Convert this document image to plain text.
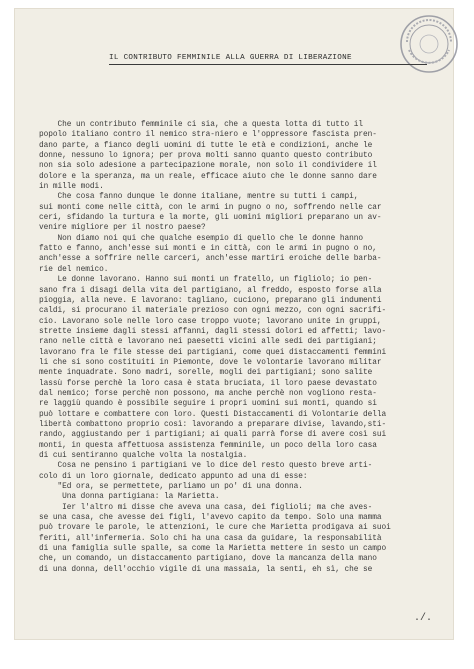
IL CONTRIBUTO FEMMINILE ALLA GUERRA DI LIBERAZIONE
Che un contributo femminile ci sia, che a questa lotta di tutto il
popolo italiano contro il nemico stra-niero e l'oppressore fascista pren-
dano parte, a fianco degli uomini di tutte le età e condizioni, anche le
donne, nessuno lo ignora; per prova molti sanno quanto questo contributo
non sia solo adesione a partecipazione morale, non solo il condividere il
dolore e la speranza, ma un reale, efficace aiuto che le donne sanno dare
in mille modi.
Che cosa fanno dunque le donne italiane, mentre su tutti i campi,
sui monti come nelle città, con le armi in pugno o no, soffrendo nelle car
ceri, sfidando la turtura e la morte, gli uomini migliori preparano un av-
venire migliore per il nostro paese?
Non diamo noi qui che qualche esempio di quello che le donne hanno
fatto e fanno, anch'esse sui monti e in città, con le armi in pugno o no,
anch'esse a soffrire nelle carceri, anch'esse martiri eroiche delle barba-
rie del nemico.
Le donne lavorano. Hanno sui monti un fratello, un figliolo; io pen-
sano fra i disagi della vita del partigiano, al freddo, esposto forse alla
pioggia, alla neve. E lavorano: tagliano, cuciono, preparano gli indumenti
caldi, si procurano il materiale prezioso con ogni mezzo, con ogni sacrifi-
cio. Lavorano sole nelle loro case troppo vuote; lavorano unite in gruppi,
strette insieme dagli stessi affanni, dagli stessi dolori ed affetti; lavo-
rano nelle città e lavorano nei paesetti vicini alle sedi dei partigiani;
lavorano fra le file stesse dei partigiani, come quei distaccamenti femmini
li che si sono costituiti in Piemonte, dove le volontarie lavorano militar
mente inquadrate. Sono madri, sorelle, mogli dei partigiani; sono salite
lassù forse perchè la loro casa è stata bruciata, il loro paese devastato
dal nemico; forse perchè non possono, ma anche perchè non vogliono resta-
re laggiù quando è possibile seguire i propri uomini sui monti, quando si
può lottare e combattere con loro. Questi Distaccamenti di Volontarie della
libertà combattono proprio così: lavorando a preparare divise, lavando,sti-
rando, aggiustando per i partigiani; ai quali parrà forse di avere così sui
monti, in questa affettuosa assistenza femminile, un poco della loro casa
di cui sentiranno qualche volta la nostalgia.
Cosa ne pensino i partigiani ve lo dice del resto questo breve arti-
colo di un loro giornale, dedicato appunto ad una di esse:
"Ed ora, se permettete, parliamo un po' di una donna.
Una donna partigiana: la Marietta.
Ier l'altro mi disse che aveva una casa, dei figlioli; ma che aves-
se una casa, che avesse dei figli, l'avevo capito da tempo. Solo una mamma
può trovare le parole, le attenzioni, le cure che Marietta prodigava ai suoi
feriti, all'infermeria. Solo chi ha una casa da guidare, la responsabilità
di una famiglia sulle spalle, sa come la Marietta mettere in sesto un campo
che, un comando, un distaccamento partigiano, dove la mancanza della mano
di una donna, dell'occhio vigile di una massaia, la senti, eh sì, che se
./.
